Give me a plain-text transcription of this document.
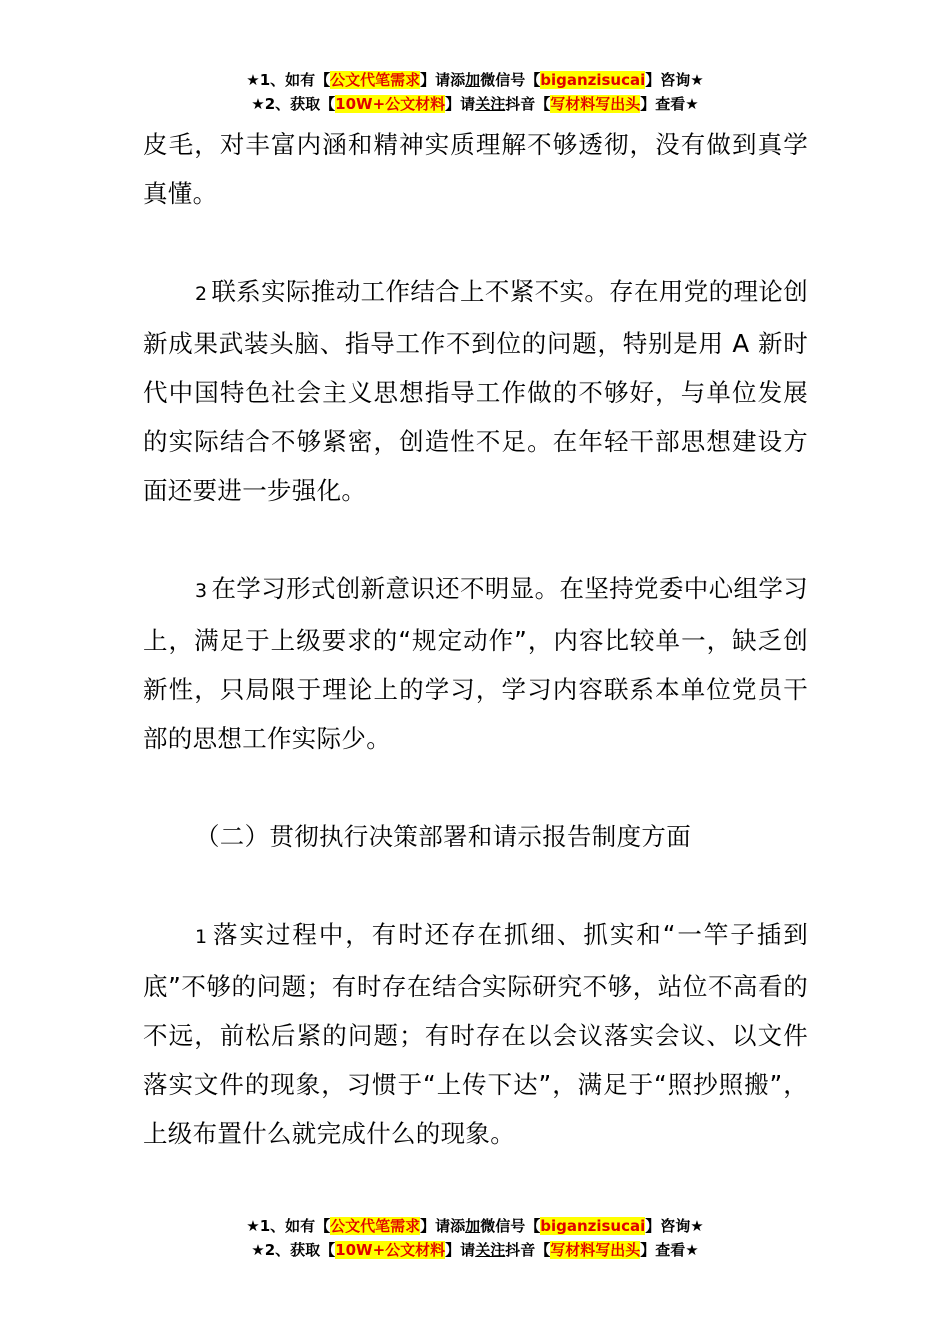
★1、如有【公文代笔需求】请添加微信号【biganzisucai】咨询★
★2、获取【10W+公文材料】请关注抖音【写材料写出头】查看★

皮毛，对丰富内涵和精神实质理解不够透彻，没有做到真学真懂。

2 联系实际推动工作结合上不紧不实。存在用党的理论创新成果武装头脑、指导工作不到位的问题，特别是用 A 新时代中国特色社会主义思想指导工作做的不够好，与单位发展的实际结合不够紧密，创造性不足。在年轻干部思想建设方面还要进一步强化。

3 在学习形式创新意识还不明显。在坚持党委中心组学习上，满足于上级要求的“规定动作”，内容比较单一，缺乏创新性，只局限于理论上的学习，学习内容联系本单位党员干部的思想工作实际少。

（二）贯彻执行决策部署和请示报告制度方面

1 落实过程中，有时还存在抓细、抓实和“一竿子插到底”不够的问题；有时存在结合实际研究不够，站位不高看的不远，前松后紧的问题；有时存在以会议落实会议、以文件落实文件的现象，习惯于“上传下达”，满足于“照抄照搬”，上级布置什么就完成什么的现象。

★1、如有【公文代笔需求】请添加微信号【biganzisucai】咨询★
★2、获取【10W+公文材料】请关注抖音【写材料写出头】查看★
